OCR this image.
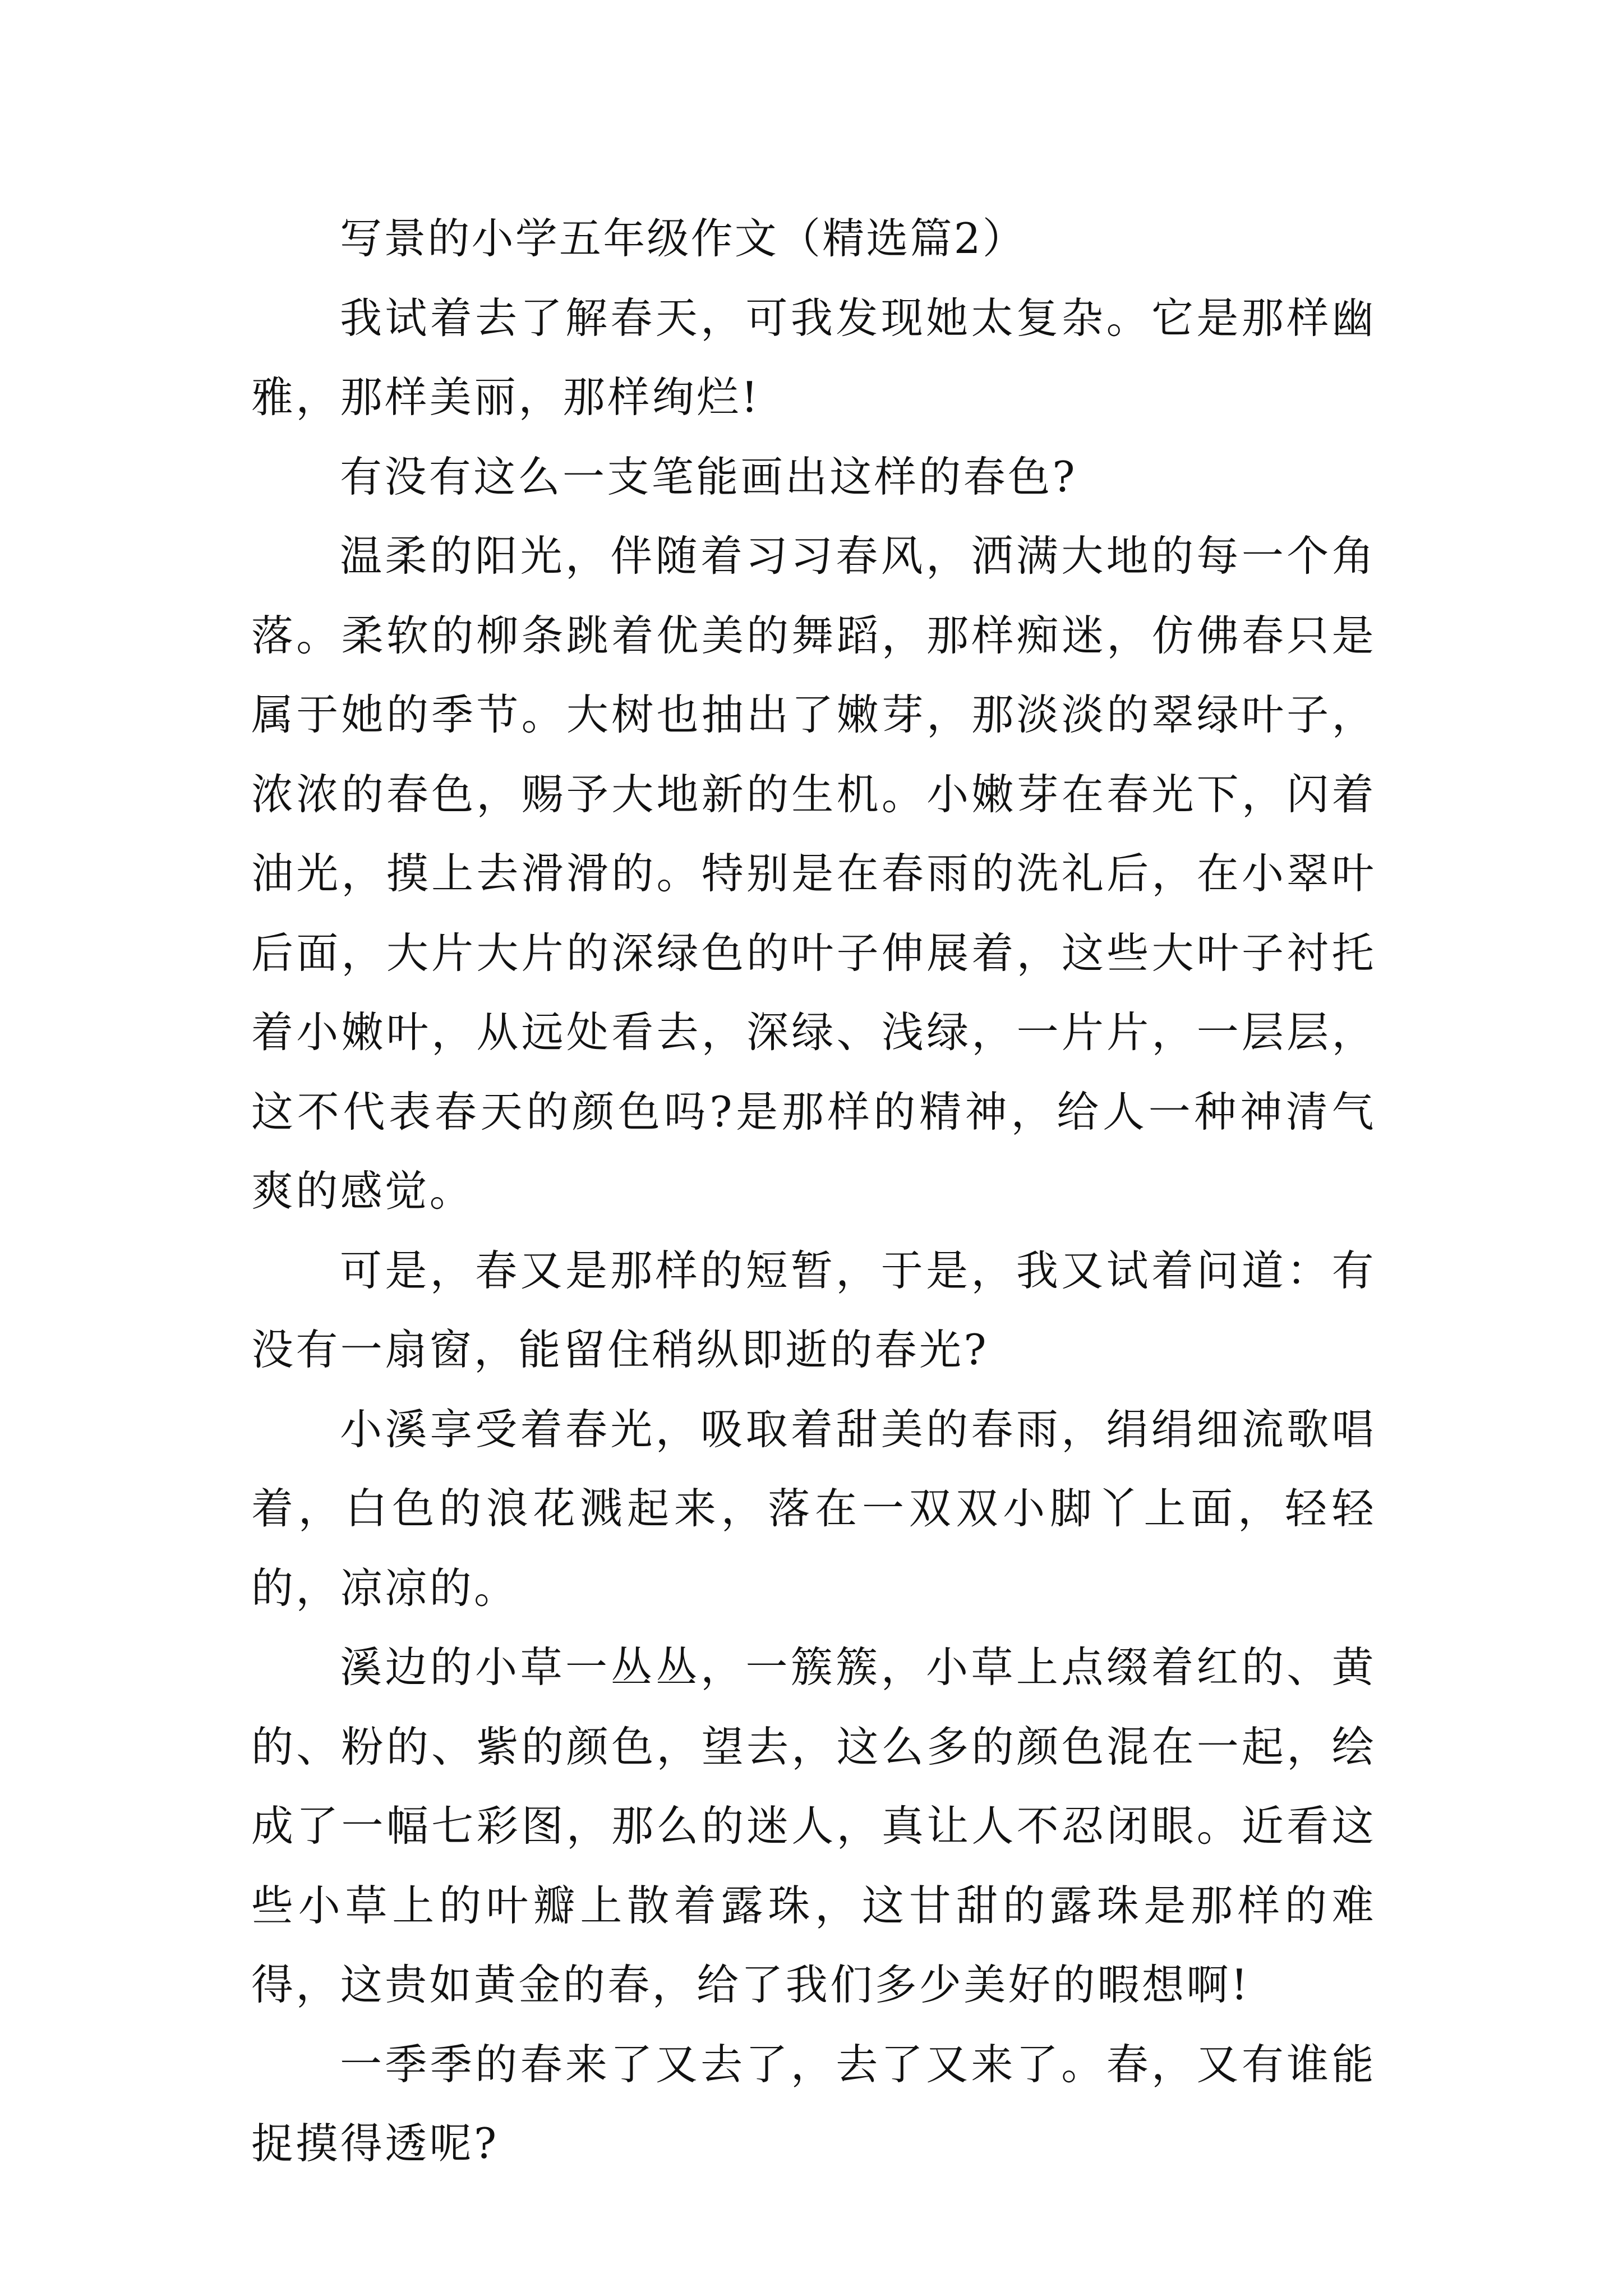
写景的小学五年级作文（精选篇2）

我试着去了解春天，可我发现她太复杂。它是那样幽雅，那样美丽，那样绚烂!

有没有这么一支笔能画出这样的春色?

温柔的阳光，伴随着习习春风，洒满大地的每一个角落。柔软的柳条跳着优美的舞蹈，那样痴迷，仿佛春只是属于她的季节。大树也抽出了嫩芽，那淡淡的翠绿叶子，浓浓的春色，赐予大地新的生机。小嫩芽在春光下，闪着油光，摸上去滑滑的。特别是在春雨的洗礼后，在小翠叶后面，大片大片的深绿色的叶子伸展着，这些大叶子衬托着小嫩叶，从远处看去，深绿、浅绿，一片片，一层层，这不代表春天的颜色吗?是那样的精神，给人一种神清气爽的感觉。

可是，春又是那样的短暂，于是，我又试着问道：有没有一扇窗，能留住稍纵即逝的春光?

小溪享受着春光，吸取着甜美的春雨，绢绢细流歌唱着，白色的浪花溅起来，落在一双双小脚丫上面，轻轻的，凉凉的。

溪边的小草一丛丛，一簇簇，小草上点缀着红的、黄的、粉的、紫的颜色，望去，这么多的颜色混在一起，绘成了一幅七彩图，那么的迷人，真让人不忍闭眼。近看这些小草上的叶瓣上散着露珠，这甘甜的露珠是那样的难得，这贵如黄金的春，给了我们多少美好的暇想啊!

一季季的春来了又去了，去了又来了。春，又有谁能捉摸得透呢?
